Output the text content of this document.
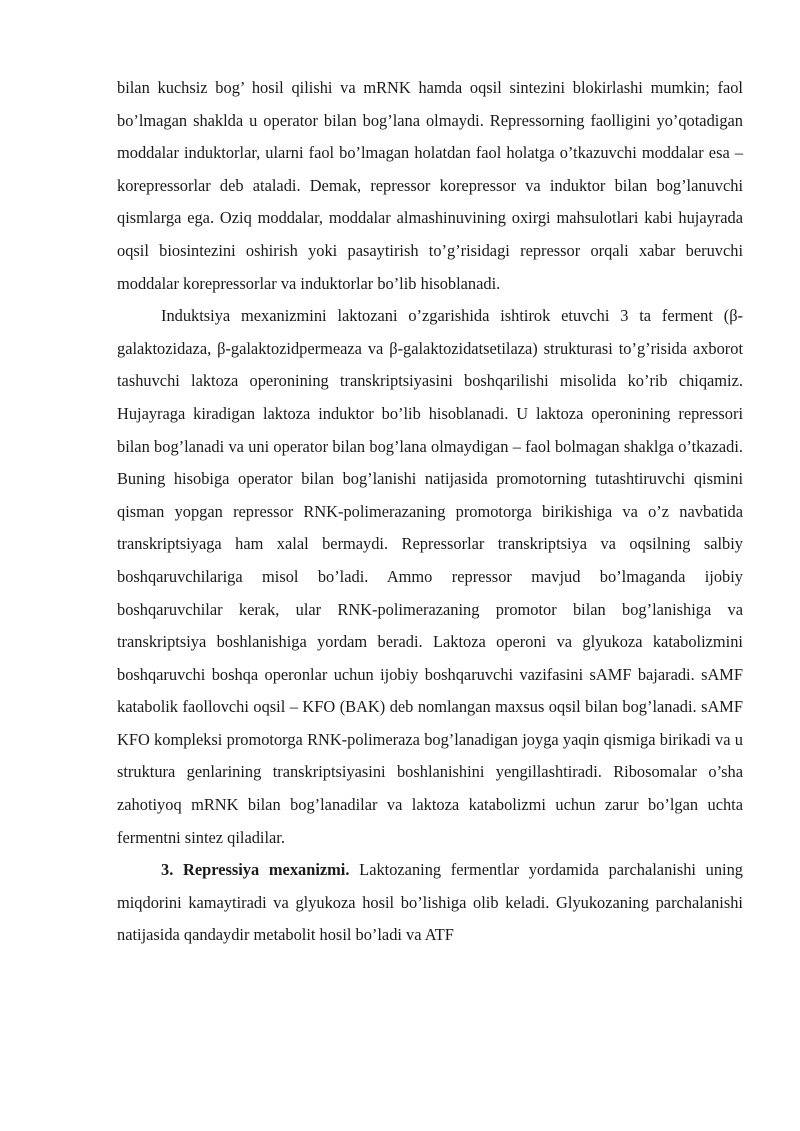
bilan kuchsiz bog’ hosil qilishi va mRNK hamda oqsil sintezini blokirlashi mumkin; faol bo’lmagan shaklda u operator bilan bog’lana olmaydi. Repressorning faolligini yo’qotadigan moddalar induktorlar, ularni faol bo’lmagan holatdan faol holatga o’tkazuvchi moddalar esa – korepressorlar deb ataladi. Demak, repressor korepressor va induktor bilan bog’lanuvchi qismlarga ega. Oziq moddalar, moddalar almashinuvining oxirgi mahsulotlari kabi hujayrada oqsil biosintezini oshirish yoki pasaytirish to’g’risidagi repressor orqali xabar beruvchi moddalar korepressorlar va induktorlar bo’lib hisoblanadi.

Induktsiya mexanizmini laktozani o’zgarishida ishtirok etuvchi 3 ta ferment (β-galaktozidaza, β-galaktozidpermeaza va β-galaktozidatsetilaza) strukturasi to’g’risida axborot tashuvchi laktoza operonining transkriptsiyasini boshqarilishi misolida ko’rib chiqamiz. Hujayraga kiradigan laktoza induktor bo’lib hisoblanadi. U laktoza operonining repressori bilan bog’lanadi va uni operator bilan bog’lana olmaydigan – faol bolmagan shaklga o’tkazadi. Buning hisobiga operator bilan bog’lanishi natijasida promotorning tutashtiruvchi qismini qisman yopgan repressor RNK-polimerazaning promotorga birikishiga va o’z navbatida transkriptsiyaga ham xalal bermaydi. Repressorlar transkriptsiya va oqsilning salbiy boshqaruvchilariga misol bo’ladi. Ammo repressor mavjud bo’lmaganda ijobiy boshqaruvchilar kerak, ular RNK-polimerazaning promotor bilan bog’lanishiga va transkriptsiya boshlanishiga yordam beradi. Laktoza operoni va glyukoza katabolizmini boshqaruvchi boshqa operonlar uchun ijobiy boshqaruvchi vazifasini sAMF bajaradi. sAMF katabolik faollovchi oqsil – KFO (BAK) deb nomlangan maxsus oqsil bilan bog’lanadi. sAMF KFO kompleksi promotorga RNK-polimeraza bog’lanadigan joyga yaqin qismiga birikadi va u struktura genlarining transkriptsiyasini boshlanishini yengillashtiradi. Ribosomalar o’sha zahotiyoq mRNK bilan bog’lanadilar va laktoza katabolizmi uchun zarur bo’lgan uchta fermentni sintez qiladilar.

3. Repressiya mexanizmi. Laktozaning fermentlar yordamida parchalanishi uning miqdorini kamaytiradi va glyukoza hosil bo’lishiga olib keladi. Glyukozaning parchalanishi natijasida qandaydir metabolit hosil bo’ladi va ATF
